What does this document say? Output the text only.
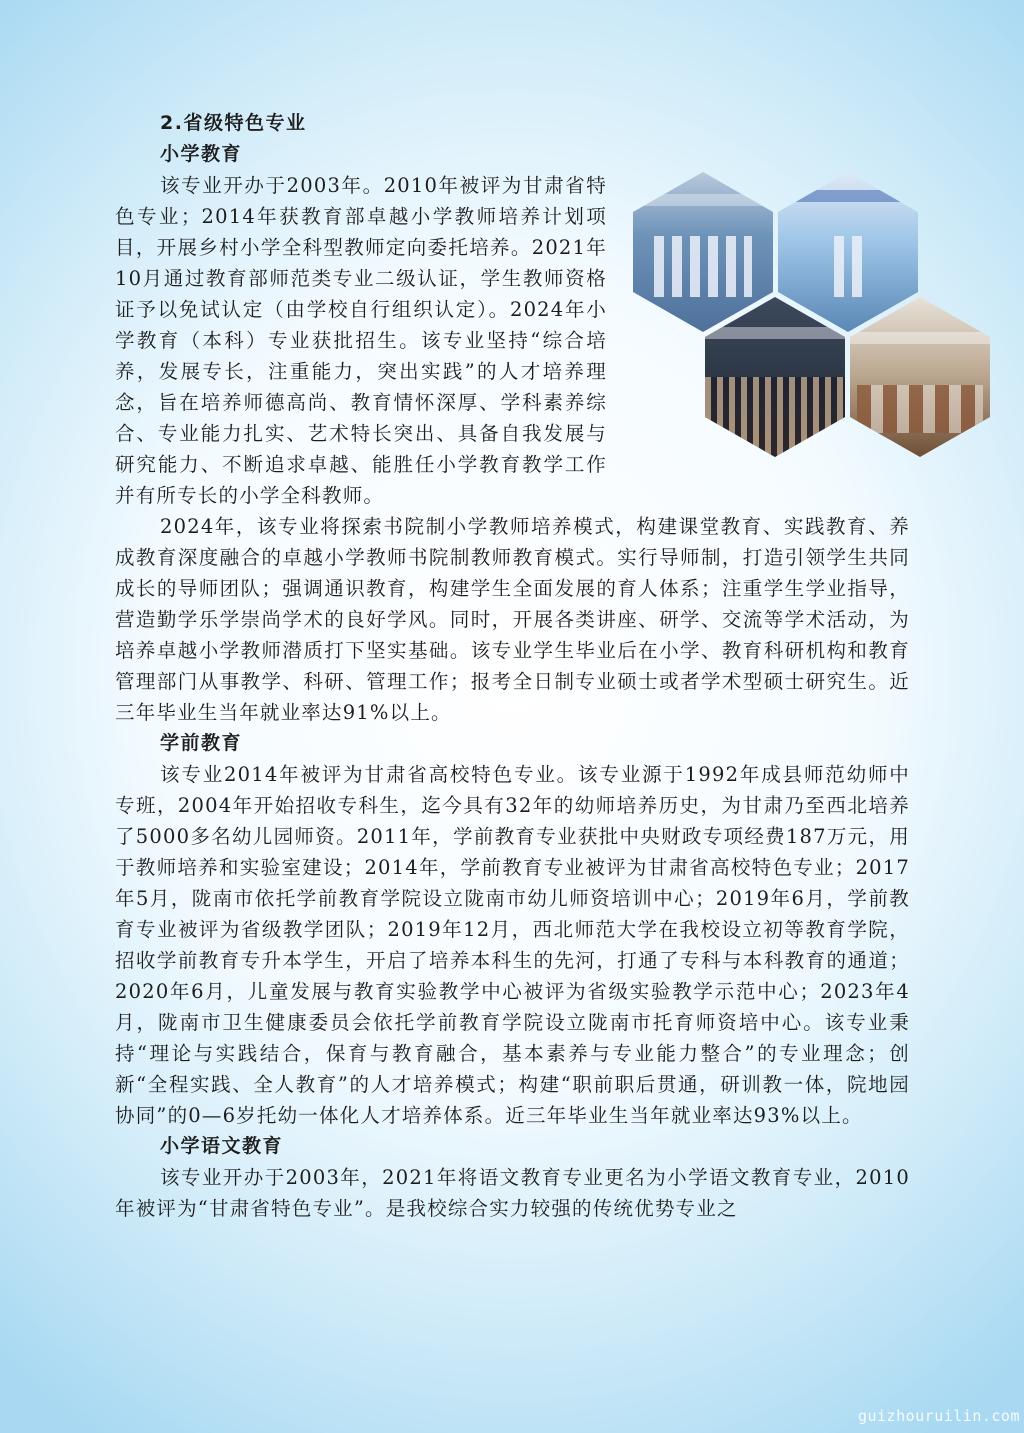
2.省级特色专业

小学教育

该专业开办于2003年。2010年被评为甘肃省特色专业；2014年获教育部卓越小学教师培养计划项目，开展乡村小学全科型教师定向委托培养。2021年10月通过教育部师范类专业二级认证，学生教师资格证予以免试认定（由学校自行组织认定）。2024年小学教育（本科）专业获批招生。该专业坚持“综合培养，发展专长，注重能力，突出实践”的人才培养理念，旨在培养师德高尚、教育情怀深厚、学科素养综合、专业能力扎实、艺术特长突出、具备自我发展与研究能力、不断追求卓越、能胜任小学教育教学工作并有所专长的小学全科教师。

2024年，该专业将探索书院制小学教师培养模式，构建课堂教育、实践教育、养成教育深度融合的卓越小学教师书院制教师教育模式。实行导师制，打造引领学生共同成长的导师团队；强调通识教育，构建学生全面发展的育人体系；注重学生学业指导，营造勤学乐学崇尚学术的良好学风。同时，开展各类讲座、研学、交流等学术活动，为培养卓越小学教师潜质打下坚实基础。该专业学生毕业后在小学、教育科研机构和教育管理部门从事教学、科研、管理工作；报考全日制专业硕士或者学术型硕士研究生。近三年毕业生当年就业率达91%以上。

学前教育

该专业2014年被评为甘肃省高校特色专业。该专业源于1992年成县师范幼师中专班，2004年开始招收专科生，迄今具有32年的幼师培养历史，为甘肃乃至西北培养了5000多名幼儿园师资。2011年，学前教育专业获批中央财政专项经费187万元，用于教师培养和实验室建设；2014年，学前教育专业被评为甘肃省高校特色专业；2017年5月，陇南市依托学前教育学院设立陇南市幼儿师资培训中心；2019年6月，学前教育专业被评为省级教学团队；2019年12月，西北师范大学在我校设立初等教育学院，招收学前教育专升本学生，开启了培养本科生的先河，打通了专科与本科教育的通道；2020年6月，儿童发展与教育实验教学中心被评为省级实验教学示范中心；2023年4月，陇南市卫生健康委员会依托学前教育学院设立陇南市托育师资培中心。该专业秉持“理论与实践结合，保育与教育融合，基本素养与专业能力整合”的专业理念；创新“全程实践、全人教育”的人才培养模式；构建“职前职后贯通，研训教一体，院地园协同”的0—6岁托幼一体化人才培养体系。近三年毕业生当年就业率达93%以上。

小学语文教育

该专业开办于2003年，2021年将语文教育专业更名为小学语文教育专业，2010年被评为“甘肃省特色专业”。是我校综合实力较强的传统优势专业之

guizhouruilin.com
